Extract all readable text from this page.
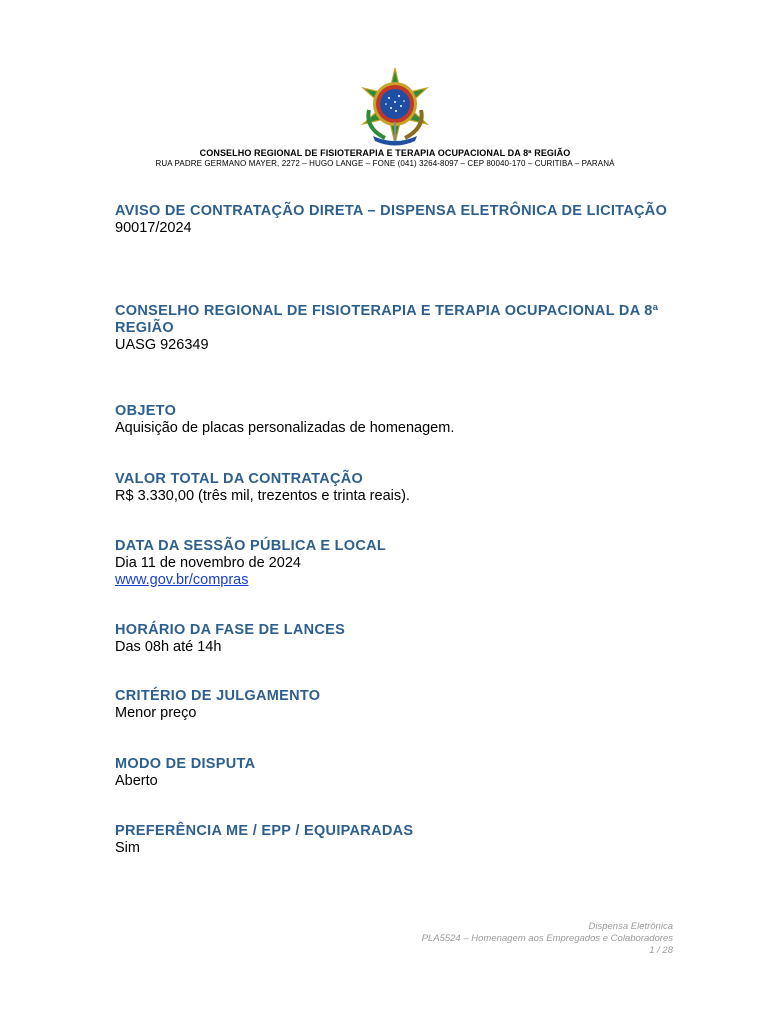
CONSELHO REGIONAL DE FISIOTERAPIA E TERAPIA OCUPACIONAL DA 8ª REGIÃO
RUA PADRE GERMANO MAYER, 2272 – HUGO LANGE – FONE (041) 3264-8097 – CEP 80040-170 – CURITIBA – PARANÁ
AVISO DE CONTRATAÇÃO DIRETA – DISPENSA ELETRÔNICA DE LICITAÇÃO
90017/2024
CONSELHO REGIONAL DE FISIOTERAPIA E TERAPIA OCUPACIONAL DA 8ª REGIÃO
UASG 926349
OBJETO
Aquisição de placas personalizadas de homenagem.
VALOR TOTAL DA CONTRATAÇÃO
R$ 3.330,00 (três mil, trezentos e trinta reais).
DATA DA SESSÃO PÚBLICA E LOCAL
Dia 11 de novembro de 2024
www.gov.br/compras
HORÁRIO DA FASE DE LANCES
Das 08h até 14h
CRITÉRIO DE JULGAMENTO
Menor preço
MODO DE DISPUTA
Aberto
PREFERÊNCIA ME / EPP / EQUIPARADAS
Sim
Dispensa Eletrônica
PLA5524 – Homenagem aos Empregados e Colaboradores
1 / 28
